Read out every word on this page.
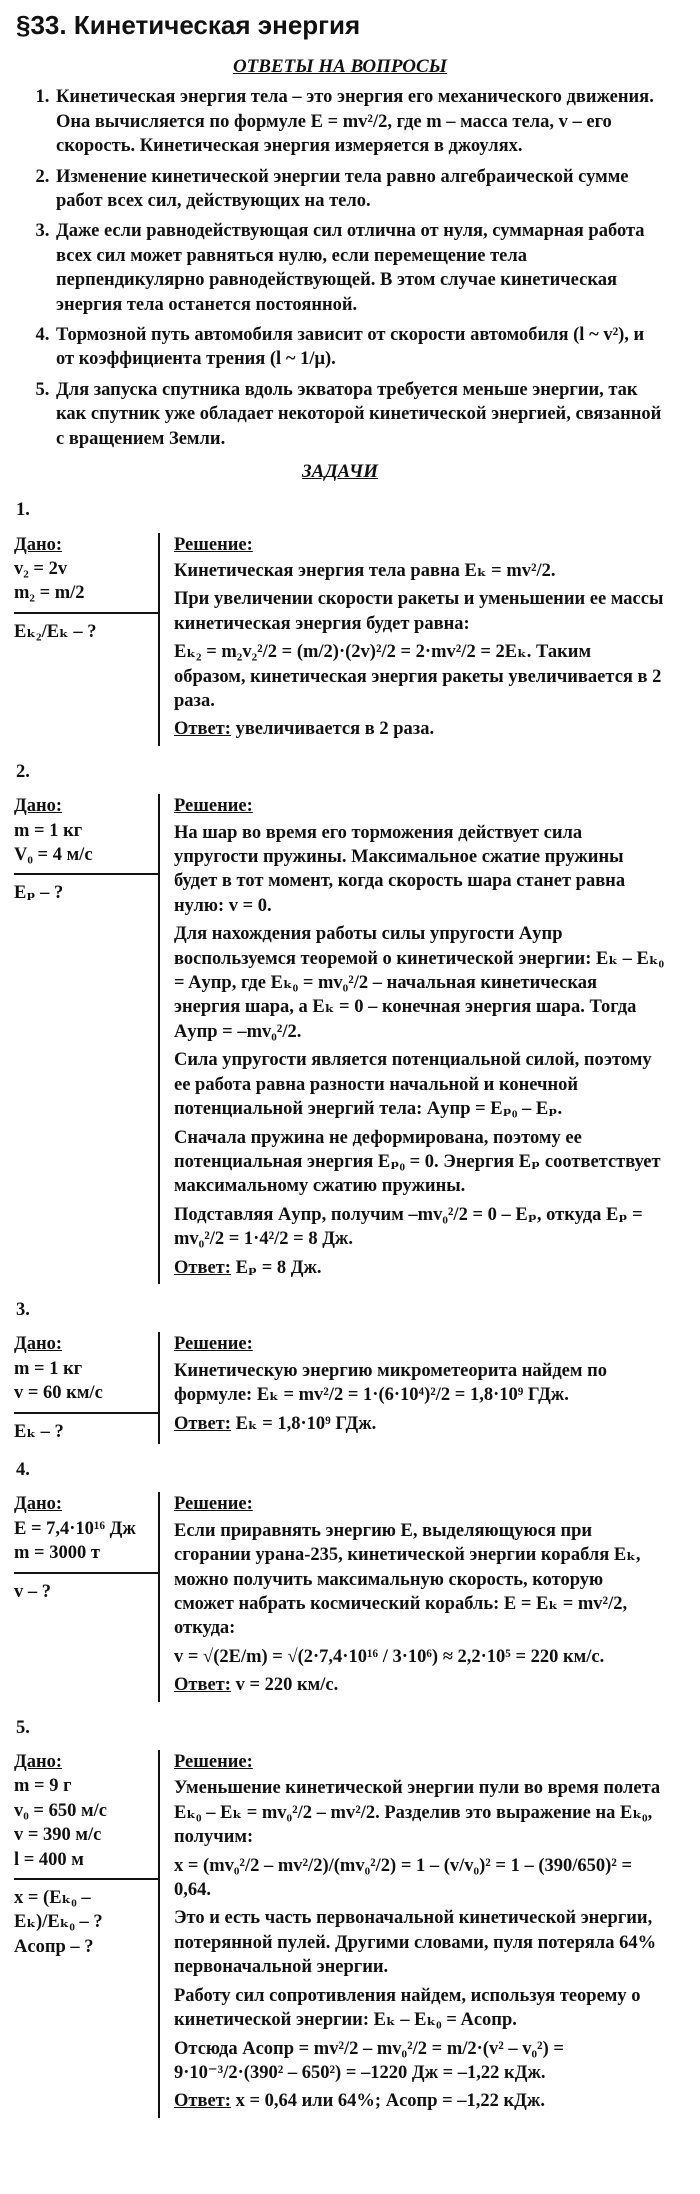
§33. Кинетическая энергия
ОТВЕТЫ НА ВОПРОСЫ
1. Кинетическая энергия тела – это энергия его механического движения. Она вычисляется по формуле E = mv²/2, где m – масса тела, v – его скорость. Кинетическая энергия измеряется в джоулях.
2. Изменение кинетической энергии тела равно алгебраической сумме работ всех сил, действующих на тело.
3. Даже если равнодействующая сил отлична от нуля, суммарная работа всех сил может равняться нулю, если перемещение тела перпендикулярно равнодействующей. В этом случае кинетическая энергия тела останется постоянной.
4. Тормозной путь автомобиля зависит от скорости автомобиля (l ~ v²), и от коэффициента трения (l ~ 1/μ).
5. Для запуска спутника вдоль экватора требуется меньше энергии, так как спутник уже обладает некоторой кинетической энергией, связанной с вращением Земли.
ЗАДАЧИ
1.
Дано:
v₂ = 2v
m₂ = m/2
Eₖ₂/Eₖ – ?
Решение:

Кинетическая энергия тела равна Eₖ = mv²/2.

При увеличении скорости ракеты и уменьшении ее массы кинетическая энергия будет равна:

Eₖ₂ = m₂v₂²/2 = (m/2)·(2v)²/2 = 2·mv²/2 = 2Eₖ. Таким образом, кинетическая энергия ракеты увеличивается в 2 раза.

Ответ: увеличивается в 2 раза.

2.
Дано:
m = 1 кг
V₀ = 4 м/с
Eₚ – ?
Решение:

На шар во время его торможения действует сила упругости пружины. Максимальное сжатие пружины будет в тот момент, когда скорость шара станет равна нулю: v = 0.

Для нахождения работы силы упругости Aупр воспользуемся теоремой о кинетической энергии: Eₖ – Eₖ₀ = Aупр, где Eₖ₀ = mv₀²/2 – начальная кинетическая энергия шара, а Eₖ = 0 – конечная энергия шара. Тогда Aупр = –mv₀²/2.

Сила упругости является потенциальной силой, поэтому ее работа равна разности начальной и конечной потенциальной энергий тела: Aупр = Eₚ₀ – Eₚ.

Сначала пружина не деформирована, поэтому ее потенциальная энергия Eₚ₀ = 0. Энергия Eₚ соответствует максимальному сжатию пружины.

Подставляя Aупр, получим –mv₀²/2 = 0 – Eₚ, откуда Eₚ = mv₀²/2 = 1·4²/2 = 8 Дж.

Ответ: Eₚ = 8 Дж.

3.
Дано:
m = 1 кг
v = 60 км/с
Eₖ – ?
Решение:

Кинетическую энергию микрометеорита найдем по формуле: Eₖ = mv²/2 = 1·(6·10⁴)²/2 = 1,8·10⁹ ГДж.

Ответ: Eₖ = 1,8·10⁹ ГДж.

4.
Дано:
E = 7,4·10¹⁶ Дж
m = 3000 т
v – ?
Решение:

Если приравнять энергию E, выделяющуюся при сгорании урана-235, кинетической энергии корабля Eₖ, можно получить максимальную скорость, которую сможет набрать космический корабль: E = Eₖ = mv²/2, откуда:

v = √(2E/m) = √(2·7,4·10¹⁶ / 3·10⁶) ≈ 2,2·10⁵ = 220 км/с.

Ответ: v = 220 км/с.

5.
Дано:
m = 9 г
v₀ = 650 м/с
v = 390 м/с
l = 400 м
x = (Eₖ₀ – Eₖ)/Eₖ₀ – ?
Aсопр – ?
Решение:

Уменьшение кинетической энергии пули во время полета Eₖ₀ – Eₖ = mv₀²/2 – mv²/2. Разделив это выражение на Eₖ₀, получим:

x = (mv₀²/2 – mv²/2)/(mv₀²/2) = 1 – (v/v₀)² = 1 – (390/650)² = 0,64.

Это и есть часть первоначальной кинетической энергии, потерянной пулей. Другими словами, пуля потеряла 64% первоначальной энергии.

Работу сил сопротивления найдем, используя теорему о кинетической энергии: Eₖ – Eₖ₀ = Aсопр.

Отсюда Aсопр = mv²/2 – mv₀²/2 = m/2·(v² – v₀²) = 9·10⁻³/2·(390² – 650²) = –1220 Дж = –1,22 кДж.

Ответ: x = 0,64 или 64%; Aсопр = –1,22 кДж.
